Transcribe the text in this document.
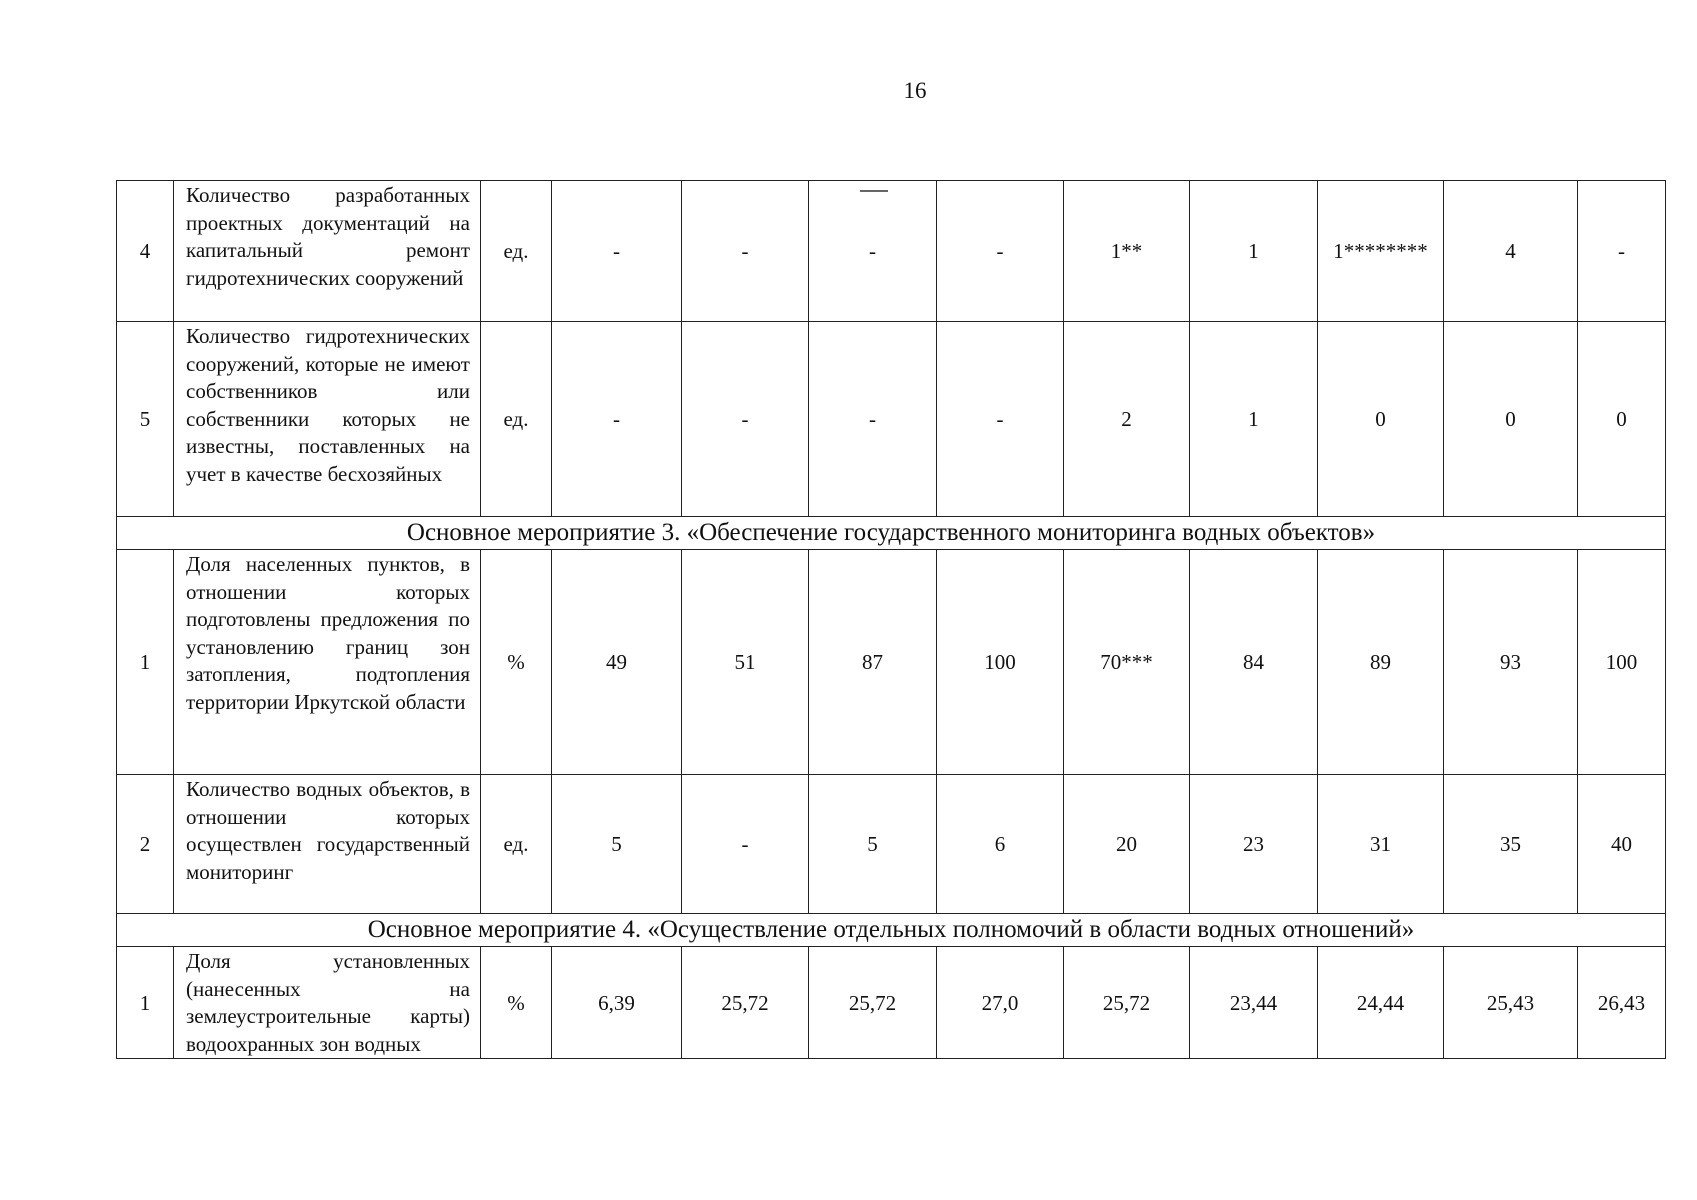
16
4	Количество разработанных проектных документаций на капитальный ремонт гидротехнических сооружений	ед.	-	-	-	-	1**	1	1********	4	-
5	Количество гидротехнических сооружений, которые не имеют собственников или собственники которых не известны, поставленных на учет в качестве бесхозяйных	ед.	-	-	-	-	2	1	0	0	0
Основное мероприятие 3. «Обеспечение государственного мониторинга водных объектов»											
1	Доля населенных пунктов, в отношении которых подготовлены предложения по установлению границ зон затопления, подтопления территории Иркутской области	%	49	51	87	100	70***	84	89	93	100
2	Количество водных объектов, в отношении которых осуществлен государственный мониторинг	ед.	5	-	5	6	20	23	31	35	40
Основное мероприятие 4. «Осуществление отдельных полномочий в области водных отношений»											
1	Доля установленных (нанесенных на землеустроительные карты) водоохранных зон водных	%	6,39	25,72	25,72	27,0	25,72	23,44	24,44	25,43	26,43
